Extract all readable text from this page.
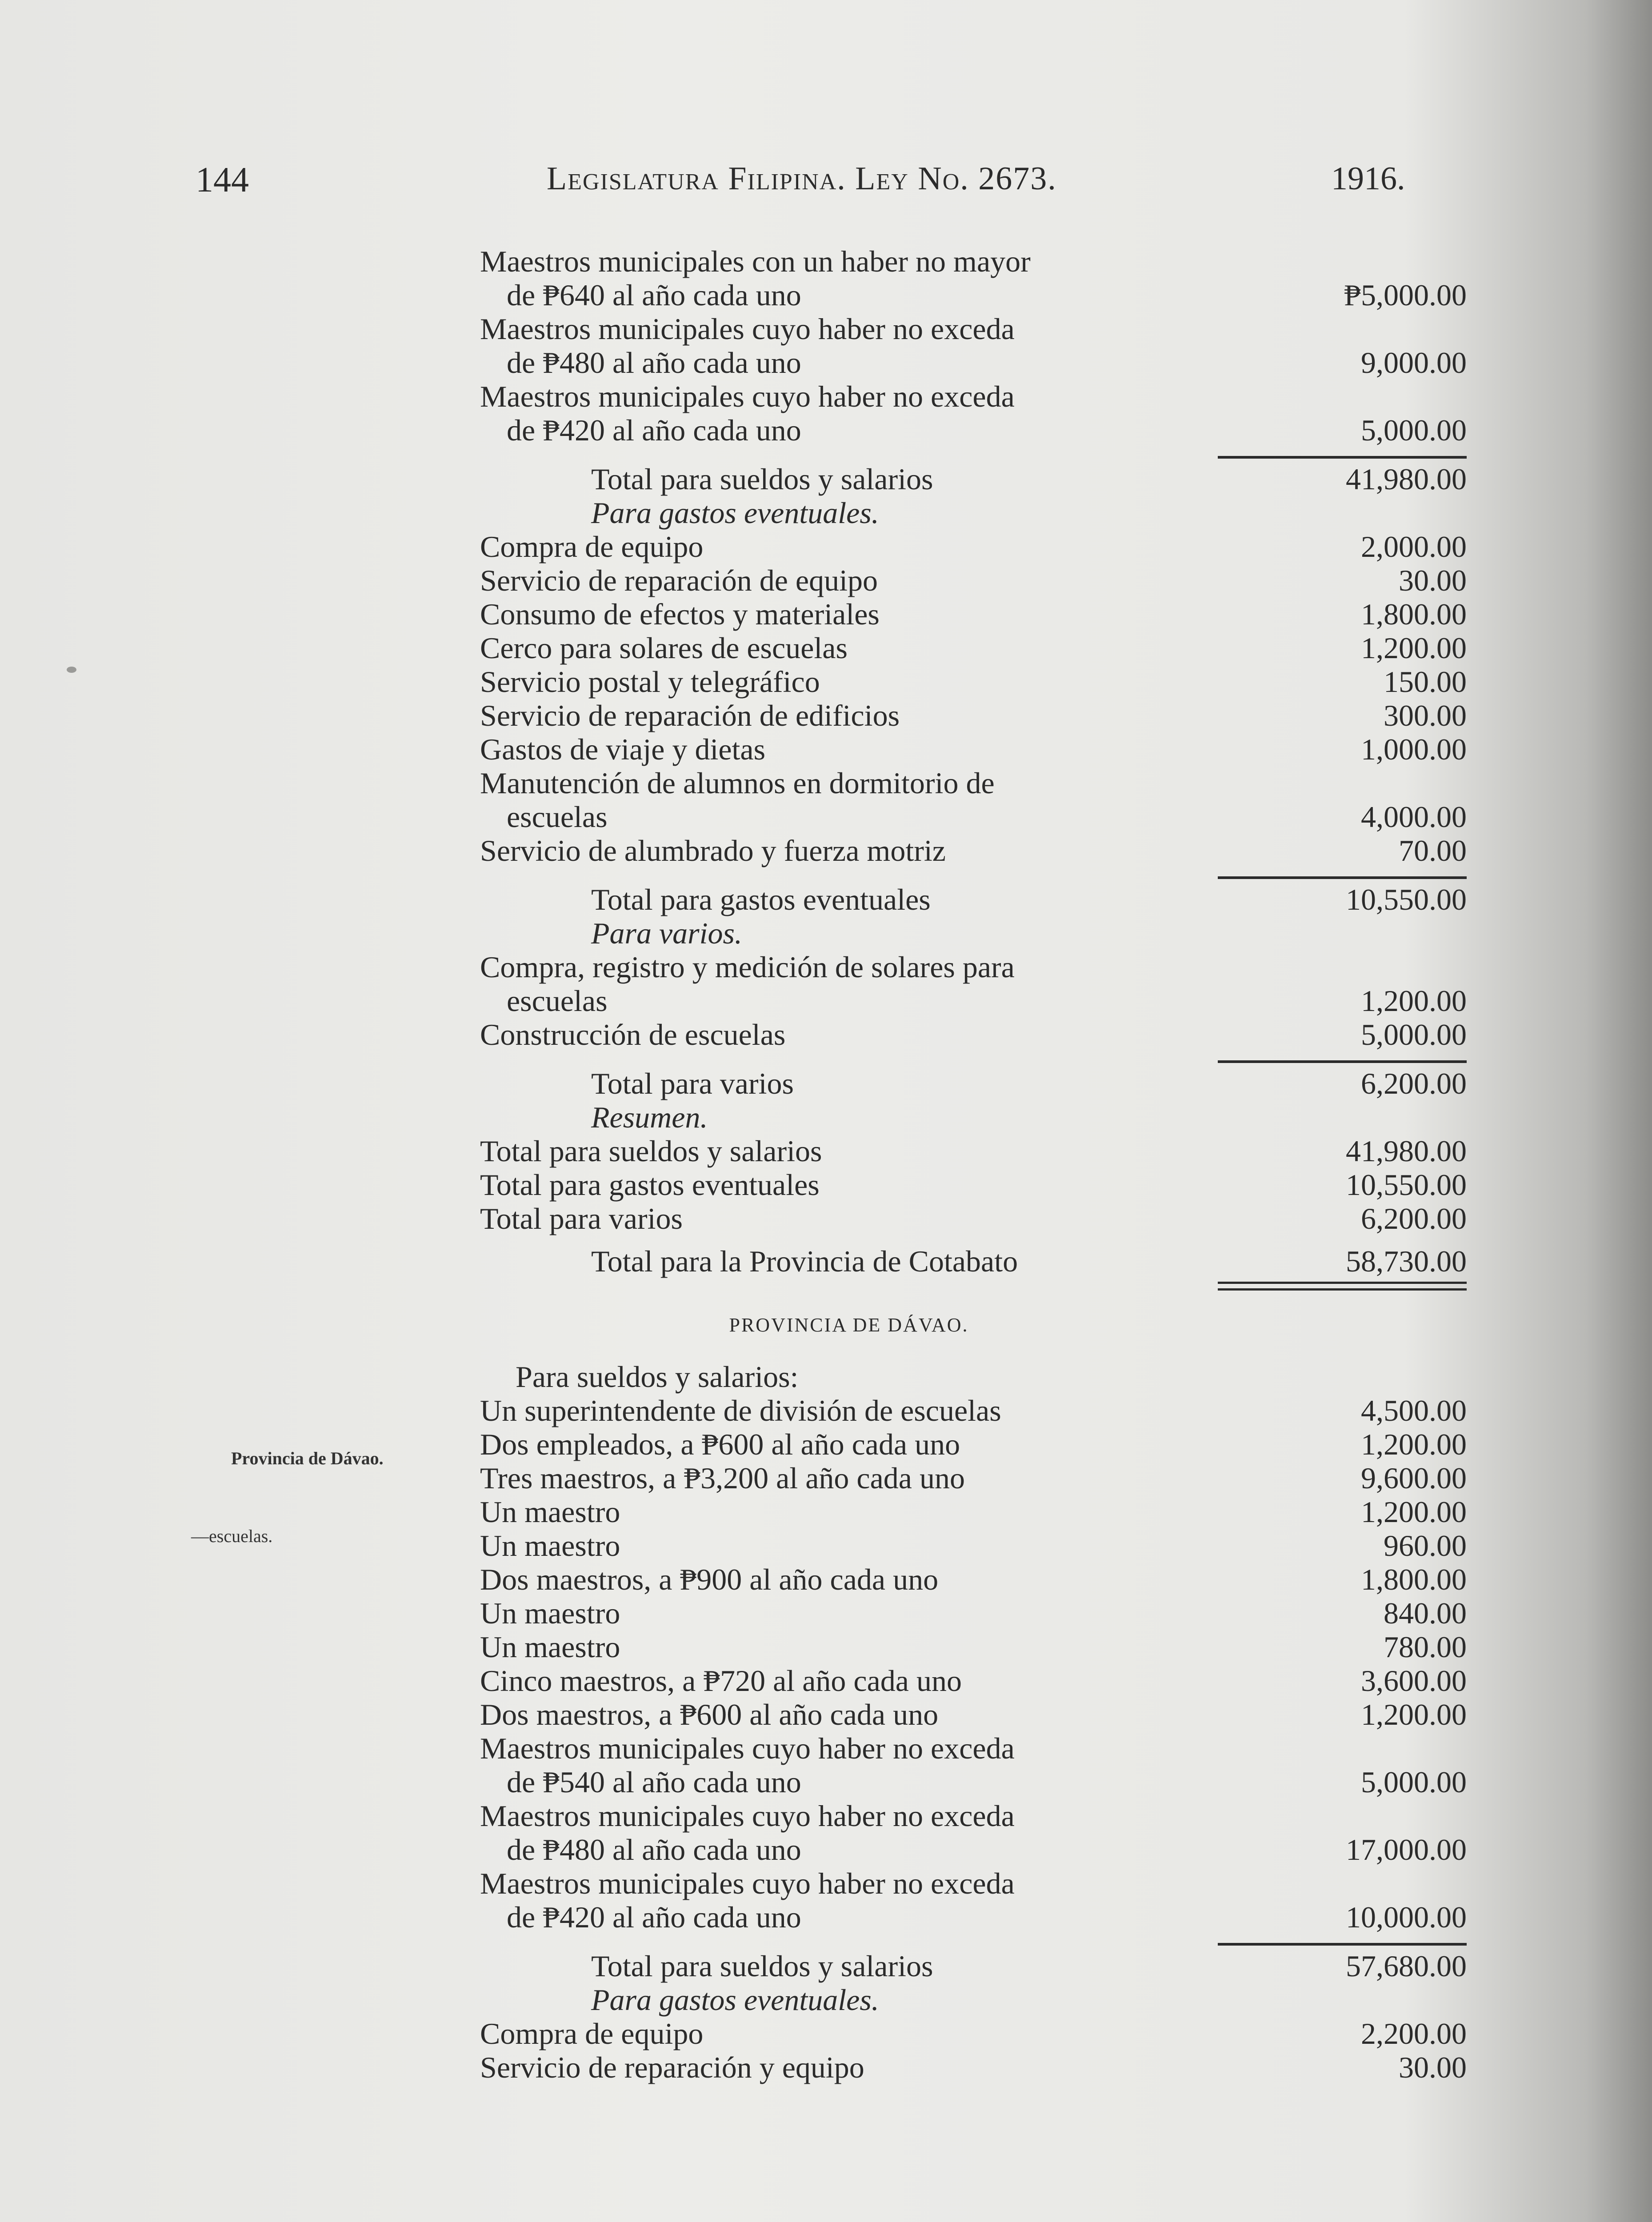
144	Legislatura Filipina. Ley No. 2673.	1916.
Provincia de Dávao.
—escuelas.
Maestros municipales con un haber no mayor
de ₱640 al año cada uno	₱5,000.00
Maestros municipales cuyo haber no exceda
de ₱480 al año cada uno	9,000.00
Maestros municipales cuyo haber no exceda
de ₱420 al año cada uno	5,000.00
Total para sueldos y salarios	41,980.00
Para gastos eventuales.
Compra de equipo	2,000.00
Servicio de reparación de equipo	30.00
Consumo de efectos y materiales	1,800.00
Cerco para solares de escuelas	1,200.00
Servicio postal y telegráfico	150.00
Servicio de reparación de edificios	300.00
Gastos de viaje y dietas	1,000.00
Manutención de alumnos en dormitorio de
escuelas	4,000.00
Servicio de alumbrado y fuerza motriz	70.00
Total para gastos eventuales	10,550.00
Para varios.
Compra, registro y medición de solares para
escuelas	1,200.00
Construcción de escuelas	5,000.00
Total para varios	6,200.00
Resumen.
Total para sueldos y salarios	41,980.00
Total para gastos eventuales	10,550.00
Total para varios	6,200.00
Total para la Provincia de Cotabato	58,730.00
PROVINCIA DE DÁVAO.
Para sueldos y salarios:
Un superintendente de división de escuelas	4,500.00
Dos empleados, a ₱600 al año cada uno	1,200.00
Tres maestros, a ₱3,200 al año cada uno	9,600.00
Un maestro	1,200.00
Un maestro	960.00
Dos maestros, a ₱900 al año cada uno	1,800.00
Un maestro	840.00
Un maestro	780.00
Cinco maestros, a ₱720 al año cada uno	3,600.00
Dos maestros, a ₱600 al año cada uno	1,200.00
Maestros municipales cuyo haber no exceda
de ₱540 al año cada uno	5,000.00
Maestros municipales cuyo haber no exceda
de ₱480 al año cada uno	17,000.00
Maestros municipales cuyo haber no exceda
de ₱420 al año cada uno	10,000.00
Total para sueldos y salarios	57,680.00
Para gastos eventuales.
Compra de equipo	2,200.00
Servicio de reparación y equipo	30.00
